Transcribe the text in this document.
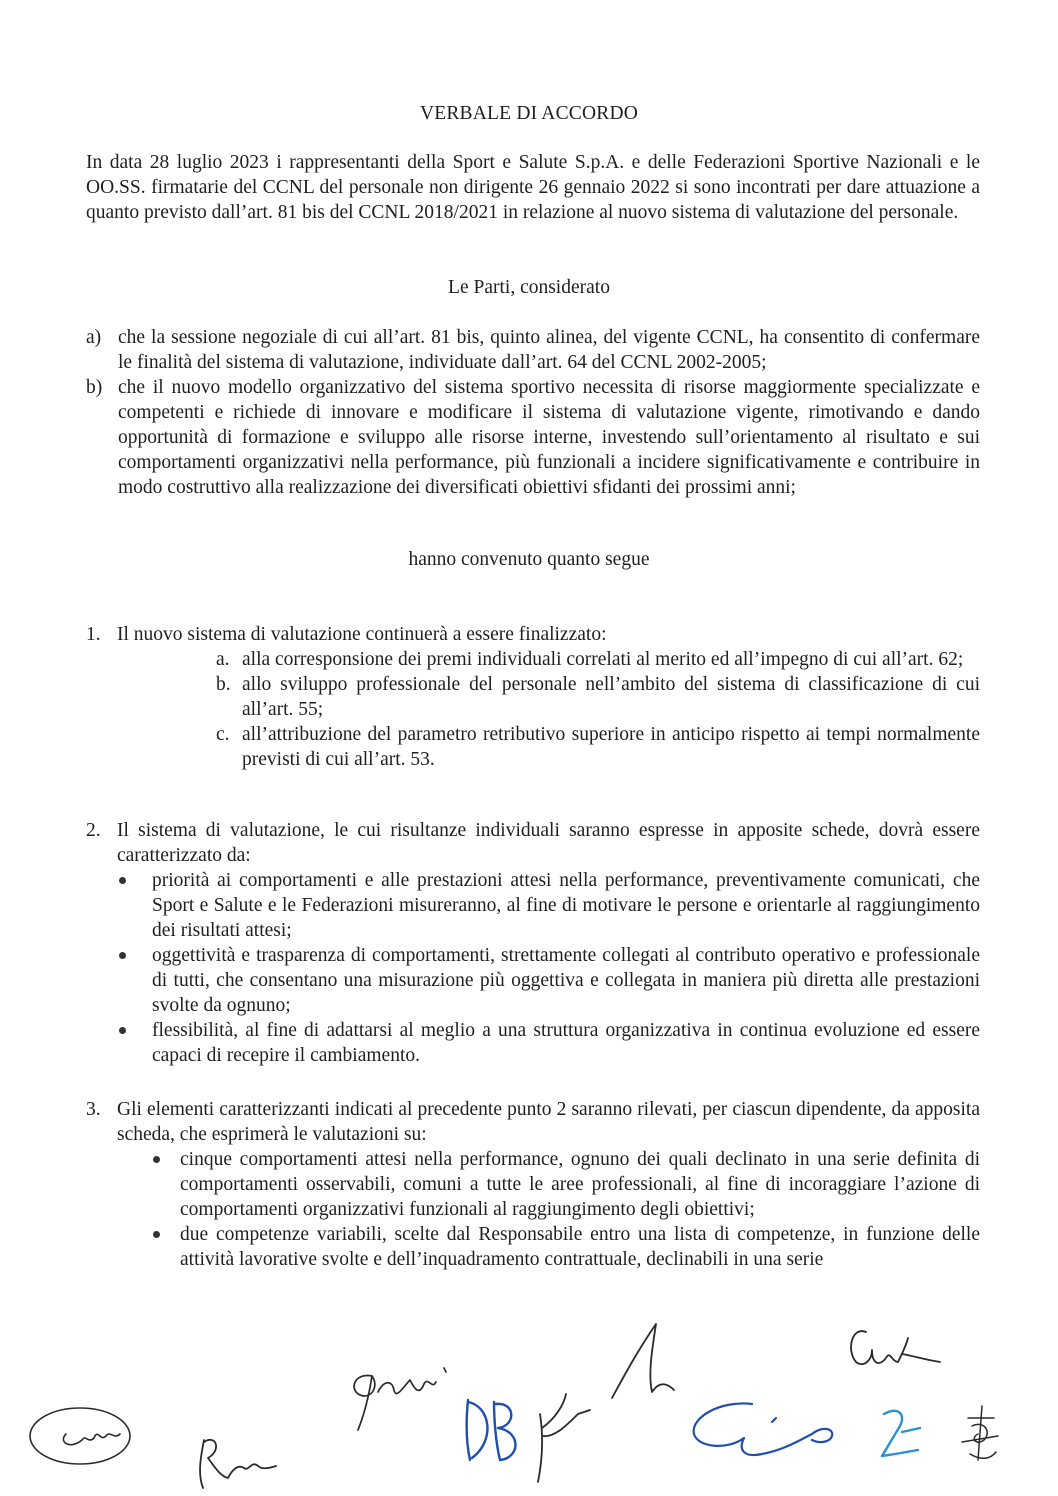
VERBALE DI ACCORDO
In data 28 luglio 2023 i rappresentanti della Sport e Salute S.p.A. e delle Federazioni Sportive Nazionali e le OO.SS. firmatarie del CCNL del personale non dirigente 26 gennaio 2022 si sono incontrati per dare attuazione a quanto previsto dall’art. 81 bis del CCNL 2018/2021 in relazione al nuovo sistema di valutazione del personale.
Le Parti, considerato
a) che la sessione negoziale di cui all’art. 81 bis, quinto alinea, del vigente CCNL, ha consentito di confermare le finalità del sistema di valutazione, individuate dall’art. 64 del CCNL 2002-2005;
b) che il nuovo modello organizzativo del sistema sportivo necessita di risorse maggiormente specializzate e competenti e richiede di innovare e modificare il sistema di valutazione vigente, rimotivando e dando opportunità di formazione e sviluppo alle risorse interne, investendo sull’orientamento al risultato e sui comportamenti organizzativi nella performance, più funzionali a incidere significativamente e contribuire in modo costruttivo alla realizzazione dei diversificati obiettivi sfidanti dei prossimi anni;
hanno convenuto quanto segue
1. Il nuovo sistema di valutazione continuerà a essere finalizzato:
a. alla corresponsione dei premi individuali correlati al merito ed all’impegno di cui all’art. 62;
b. allo sviluppo professionale del personale nell’ambito del sistema di classificazione di cui all’art. 55;
c. all’attribuzione del parametro retributivo superiore in anticipo rispetto ai tempi normalmente previsti di cui all’art. 53.
2. Il sistema di valutazione, le cui risultanze individuali saranno espresse in apposite schede, dovrà essere caratterizzato da:
priorità ai comportamenti e alle prestazioni attesi nella performance, preventivamente comunicati, che Sport e Salute e le Federazioni misureranno, al fine di motivare le persone e orientarle al raggiungimento dei risultati attesi;
oggettività e trasparenza di comportamenti, strettamente collegati al contributo operativo e professionale di tutti, che consentano una misurazione più oggettiva e collegata in maniera più diretta alle prestazioni svolte da ognuno;
flessibilità, al fine di adattarsi al meglio a una struttura organizzativa in continua evoluzione ed essere capaci di recepire il cambiamento.
3. Gli elementi caratterizzanti indicati al precedente punto 2 saranno rilevati, per ciascun dipendente, da apposita scheda, che esprimerà le valutazioni su:
cinque comportamenti attesi nella performance, ognuno dei quali declinato in una serie definita di comportamenti osservabili, comuni a tutte le aree professionali, al fine di incoraggiare l’azione di comportamenti organizzativi funzionali al raggiungimento degli obiettivi;
due competenze variabili, scelte dal Responsabile entro una lista di competenze, in funzione delle attività lavorative svolte e dell’inquadramento contrattuale, declinabili in una serie
